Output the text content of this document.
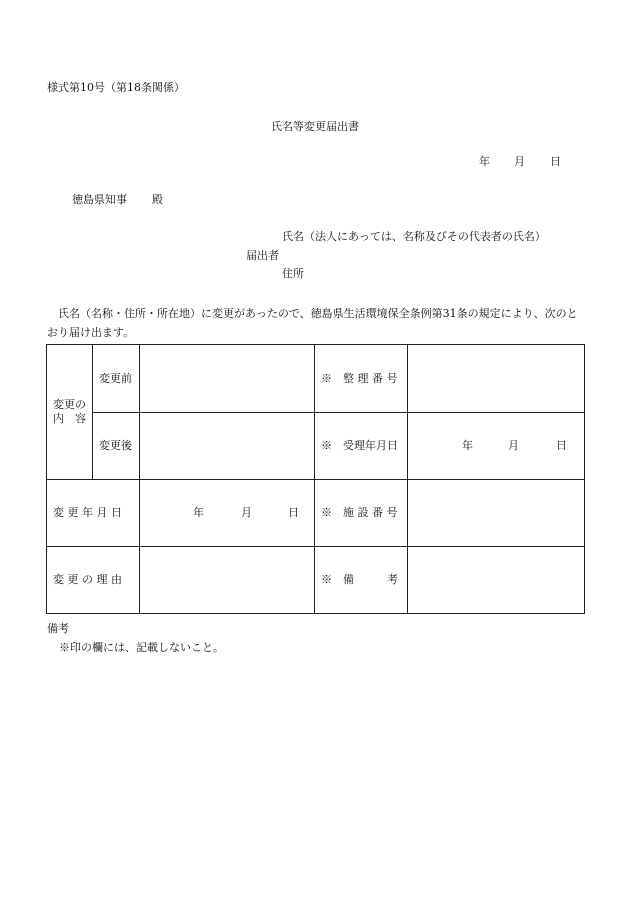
様式第10号（第18条関係）
氏名等変更届出書
年 月 日
徳島県知事 殿
氏名（法人にあっては、名称及びその代表者の氏名）
届出者
住所
　氏名（名称・住所・所在地）に変更があったので、徳島県生活環境保全条例第31条の規定により、次のとおり届け出ます。
変更の
内　容	変更前		※　整 理 番 号	
	変更後		※　受理年月日	年 月 日

変 更 年 月 日		年 月 日	※　施 設 番 号	
変 更 の 理 由			※　備　　　考	
備考
※印の欄には、記載しないこと。
